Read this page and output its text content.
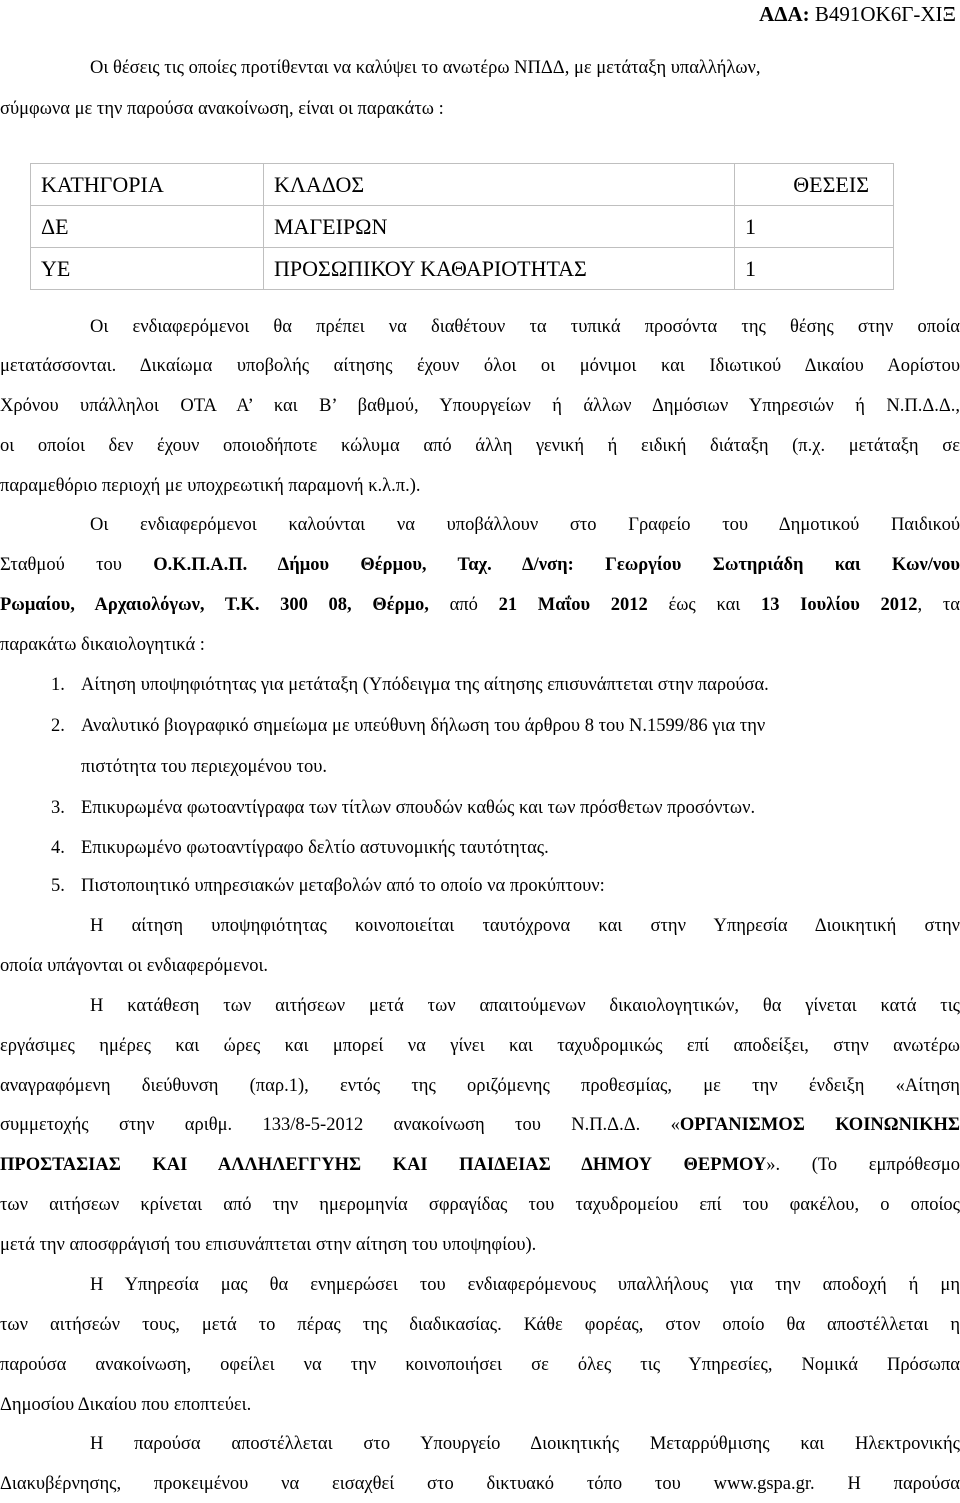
ΑΔΑ: Β491ΟΚ6Γ-ΧΙΞ
Οι θέσεις τις οποίες προτίθενται να καλύψει το ανωτέρω ΝΠΔΔ, με μετάταξη υπαλλήλων,
σύμφωνα με την παρούσα ανακοίνωση, είναι οι παρακάτω :
ΚΑΤΗΓΟΡΙΑ	ΚΛΑΔΟΣ	ΘΕΣΕΙΣ
ΔΕ	ΜΑΓΕΙΡΩΝ	1
ΥΕ	ΠΡΟΣΩΠΙΚΟΥ ΚΑΘΑΡΙΟΤΗΤΑΣ	1
Οι ενδιαφερόμενοι θα πρέπει να διαθέτουν τα τυπικά προσόντα της θέσης στην οποία
μετατάσσονται. Δικαίωμα υποβολής αίτησης έχουν όλοι οι μόνιμοι και Ιδιωτικού Δικαίου Αορίστου
Χρόνου υπάλληλοι ΟΤΑ Α’ και Β’ βαθμού, Υπουργείων ή άλλων Δημόσιων Υπηρεσιών ή Ν.Π.Δ.Δ.,
οι οποίοι δεν έχουν οποιοδήποτε κώλυμα από άλλη γενική ή ειδική διάταξη (π.χ. μετάταξη σε
παραμεθόριο περιοχή με υποχρεωτική παραμονή κ.λ.π.).
Οι ενδιαφερόμενοι καλούνται να υποβάλλουν στο Γραφείο του Δημοτικού Παιδικού
Σταθμού του Ο.Κ.Π.Α.Π. Δήμου Θέρμου, Ταχ. Δ/νση: Γεωργίου Σωτηριάδη και Κων/νου
Ρωμαίου, Αρχαιολόγων, Τ.Κ. 300 08, Θέρμο, από 21 Μαΐου 2012 έως και 13 Ιουλίου 2012, τα
παρακάτω δικαιολογητικά :
1. Αίτηση υποψηφιότητας για μετάταξη (Υπόδειγμα της αίτησης επισυνάπτεται στην παρούσα.
2. Αναλυτικό βιογραφικό σημείωμα με υπεύθυνη δήλωση του άρθρου 8 του Ν.1599/86 για την
πιστότητα του περιεχομένου του.
3. Επικυρωμένα φωτοαντίγραφα των τίτλων σπουδών καθώς και των πρόσθετων προσόντων.
4. Επικυρωμένο φωτοαντίγραφο δελτίο αστυνομικής ταυτότητας.
5. Πιστοποιητικό υπηρεσιακών μεταβολών από το οποίο να προκύπτουν:
Η αίτηση υποψηφιότητας κοινοποιείται ταυτόχρονα και στην Υπηρεσία Διοικητική στην
οποία υπάγονται οι ενδιαφερόμενοι.
Η κατάθεση των αιτήσεων μετά των απαιτούμενων δικαιολογητικών, θα γίνεται κατά τις
εργάσιμες ημέρες και ώρες και μπορεί να γίνει και ταχυδρομικώς επί αποδείξει, στην ανωτέρω
αναγραφόμενη διεύθυνση (παρ.1), εντός της οριζόμενης προθεσμίας, με την ένδειξη «Αίτηση
συμμετοχής στην αριθμ. 133/8-5-2012 ανακοίνωση του Ν.Π.Δ.Δ. «ΟΡΓΑΝΙΣΜΟΣ ΚΟΙΝΩΝΙΚΗΣ
ΠΡΟΣΤΑΣΙΑΣ ΚΑΙ ΑΛΛΗΛΕΓΓΥΗΣ ΚΑΙ ΠΑΙΔΕΙΑΣ ΔΗΜΟΥ ΘΕΡΜΟΥ». (Το εμπρόθεσμο
των αιτήσεων κρίνεται από την ημερομηνία σφραγίδας του ταχυδρομείου επί του φακέλου, ο οποίος
μετά την αποσφράγισή του επισυνάπτεται στην αίτηση του υποψηφίου).
Η Υπηρεσία μας θα ενημερώσει του ενδιαφερόμενους υπαλλήλους για την αποδοχή ή μη
των αιτήσεών τους, μετά το πέρας της διαδικασίας. Κάθε φορέας, στον οποίο θα αποστέλλεται η
παρούσα ανακοίνωση, οφείλει να την κοινοποιήσει σε όλες τις Υπηρεσίες, Νομικά Πρόσωπα
Δημοσίου Δικαίου που εποπτεύει.
Η παρούσα αποστέλλεται στο Υπουργείο Διοικητικής Μεταρρύθμισης και Ηλεκτρονικής
Διακυβέρνησης, προκειμένου να εισαχθεί στο δικτυακό τόπο του www.gspa.gr. Η παρούσα
